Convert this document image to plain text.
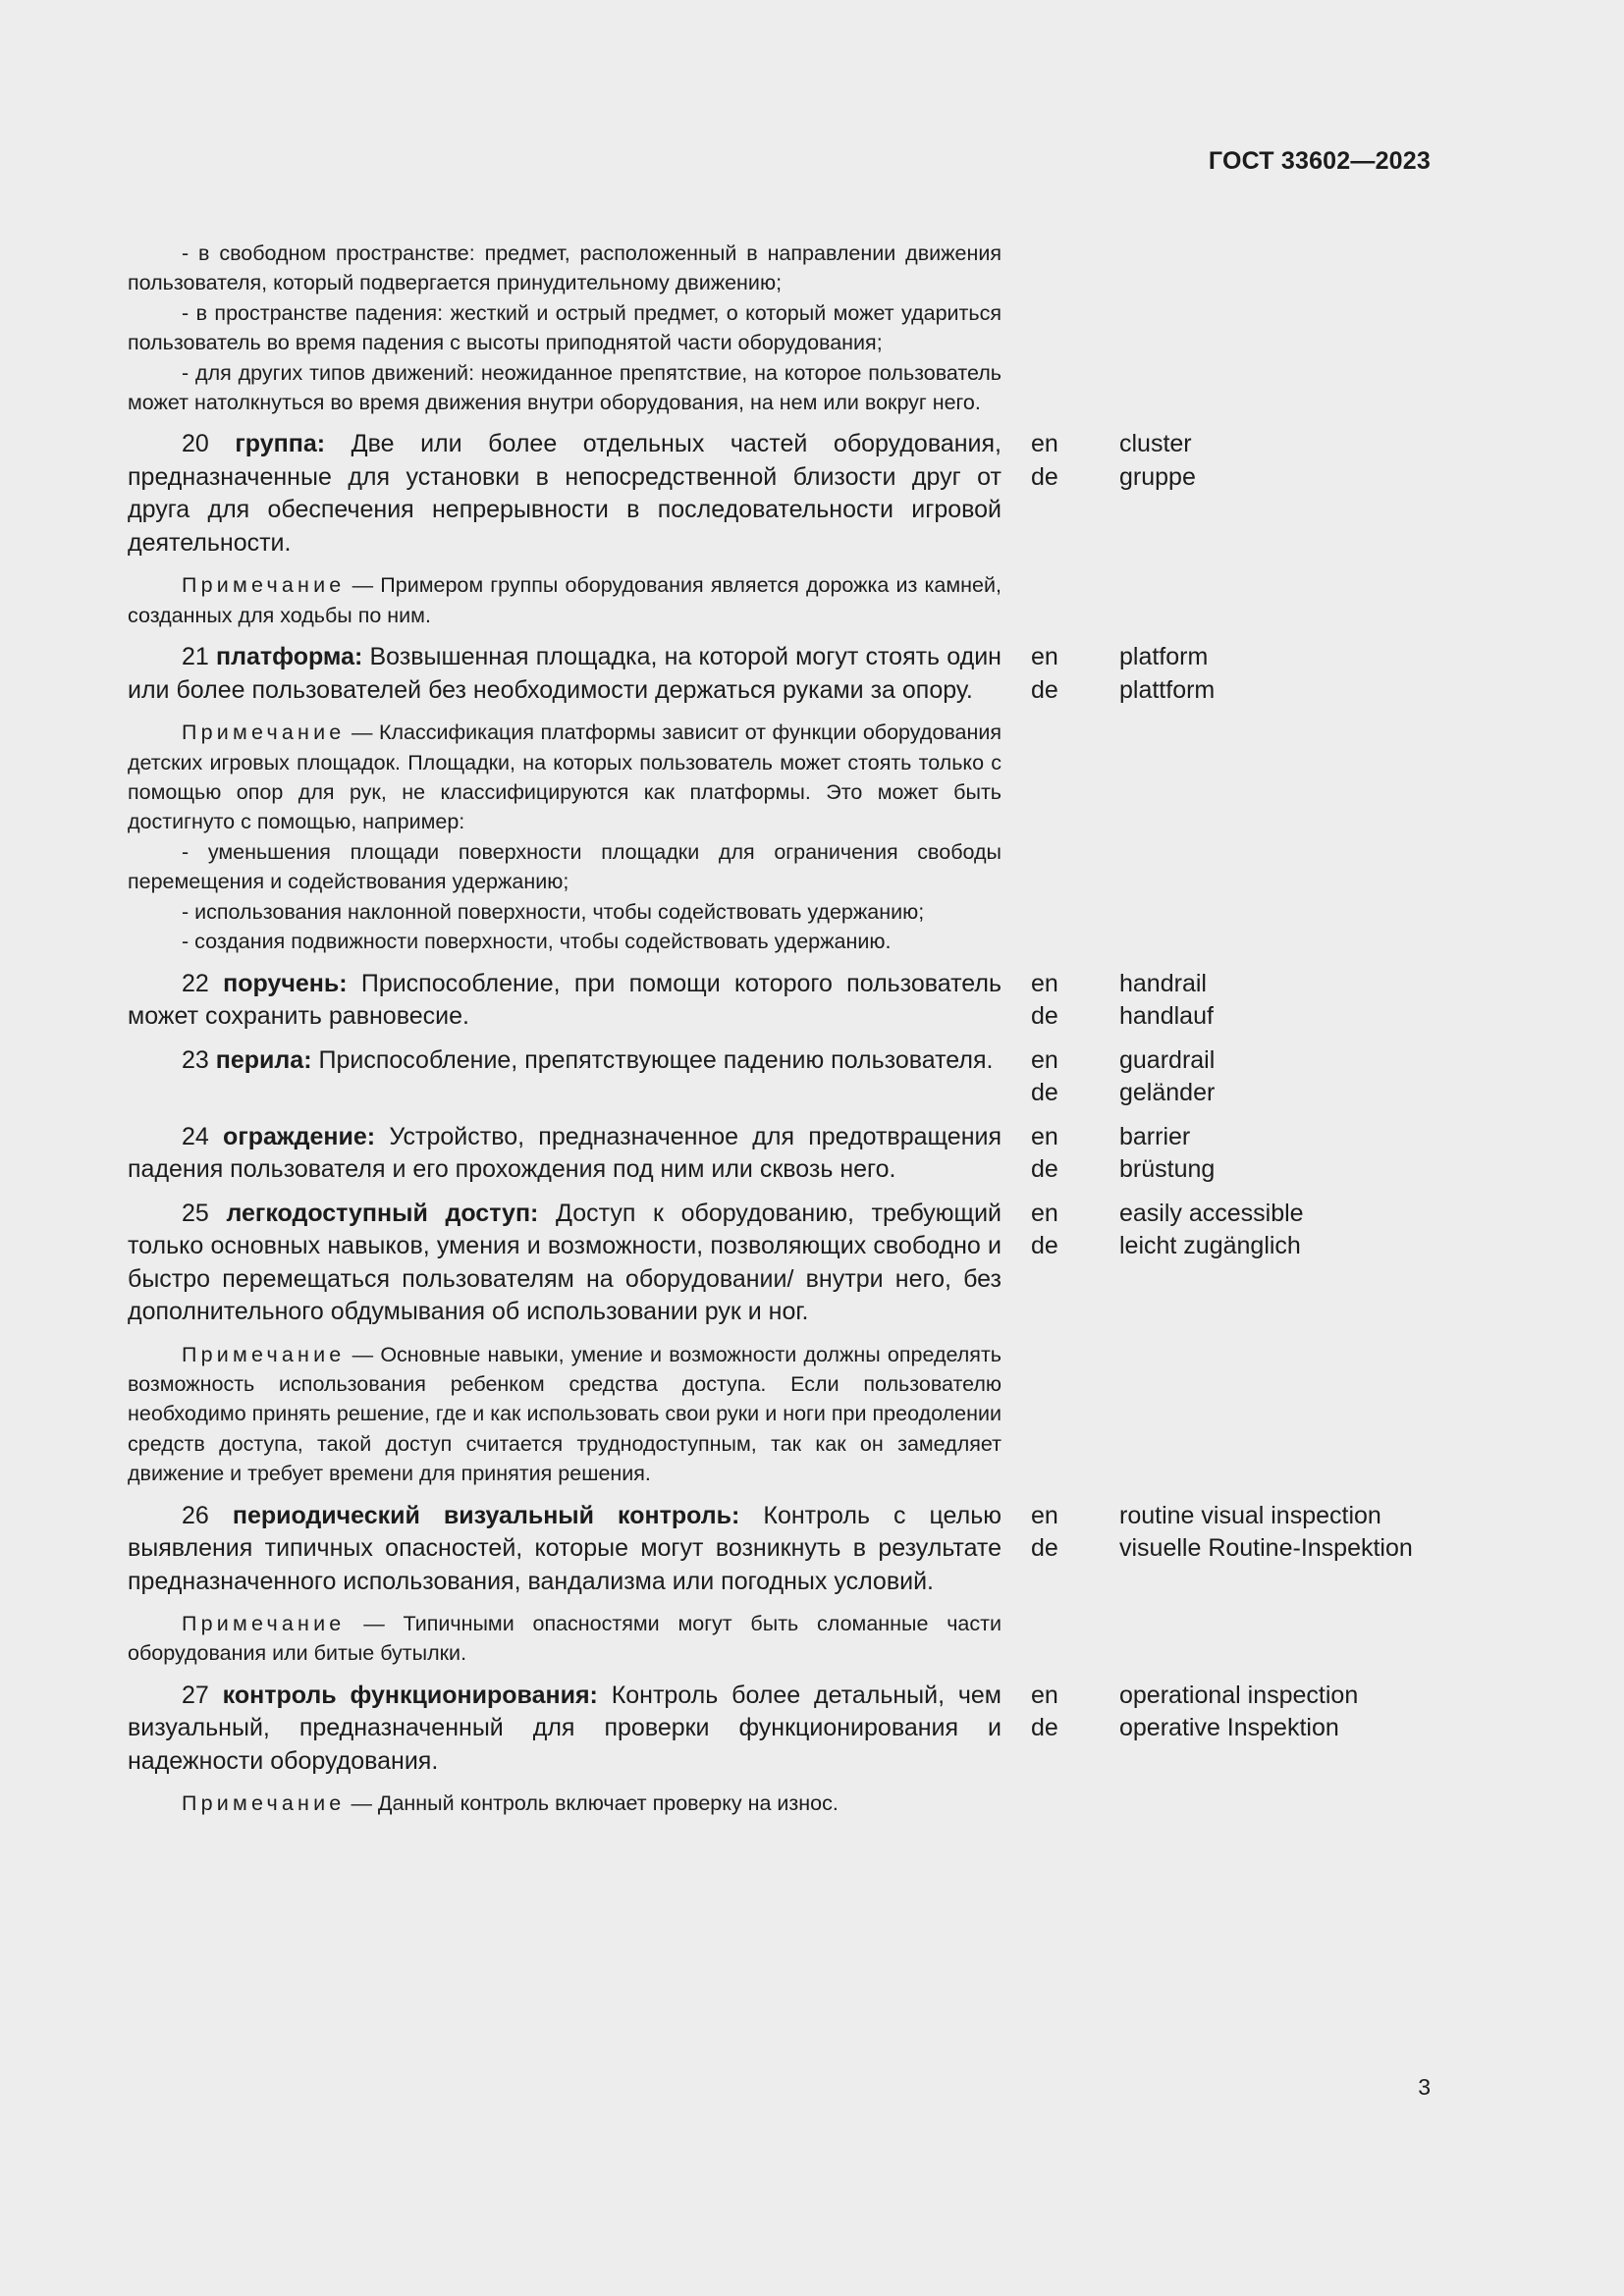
ГОСТ 33602—2023
- в свободном пространстве: предмет, расположенный в направлении движения пользователя, который подвергается принудительному движению;
- в пространстве падения: жесткий и острый предмет, о который может удариться пользователь во время падения с высоты приподнятой части оборудования;
- для других типов движений: неожиданное препятствие, на которое пользователь может натолкнуться во время движения внутри оборудования, на нем или вокруг него.
20 группа: Две или более отдельных частей оборудования, предназначенные для установки в непосредственной близости друг от друга для обеспечения непрерывности в последовательности игровой деятельности.
en
de
cluster
gruppe
Примечание — Примером группы оборудования является дорожка из камней, созданных для ходьбы по ним.
21 платформа: Возвышенная площадка, на которой могут стоять один или более пользователей без необходимости держаться руками за опору.
en
de
platform
plattform
Примечание — Классификация платформы зависит от функции оборудования детских игровых площадок. Площадки, на которых пользователь может стоять только с помощью опор для рук, не классифицируются как платформы. Это может быть достигнуто с помощью, например:
- уменьшения площади поверхности площадки для ограничения свободы перемещения и содействования удержанию;
- использования наклонной поверхности, чтобы содействовать удержанию;
- создания подвижности поверхности, чтобы содействовать удержанию.
22 поручень: Приспособление, при помощи которого пользователь может сохранить равновесие.
en
de
handrail
handlauf
23 перила: Приспособление, препятствующее падению пользователя.	en
de
guardrail
geländer
24 ограждение: Устройство, предназначенное для предотвращения падения пользователя и его прохождения под ним или сквозь него.
en
de
barrier
brüstung
25 легкодоступный доступ: Доступ к оборудованию, требующий только основных навыков, умения и возможности, позволяющих свободно и быстро перемещаться пользователям на оборудовании/ внутри него, без дополнительного обдумывания об использовании рук и ног.
en
de
easily accessible
leicht zugänglich
Примечание — Основные навыки, умение и возможности должны определять возможность использования ребенком средства доступа. Если пользователю необходимо принять решение, где и как использовать свои руки и ноги при преодолении средств доступа, такой доступ считается труднодоступным, так как он замедляет движение и требует времени для принятия решения.
26 периодический визуальный контроль: Контроль с целью выявления типичных опасностей, которые могут возникнуть в результате предназначенного использования, вандализма или погодных условий.
en
de
routine visual inspection
visuelle Routine-Inspektion
Примечание — Типичными опасностями могут быть сломанные части оборудования или битые бутылки.
27 контроль функционирования: Контроль более детальный, чем визуальный, предназначенный для проверки функционирования и надежности оборудования.
en
de
operational inspection
operative Inspektion
Примечание — Данный контроль включает проверку на износ.
3
